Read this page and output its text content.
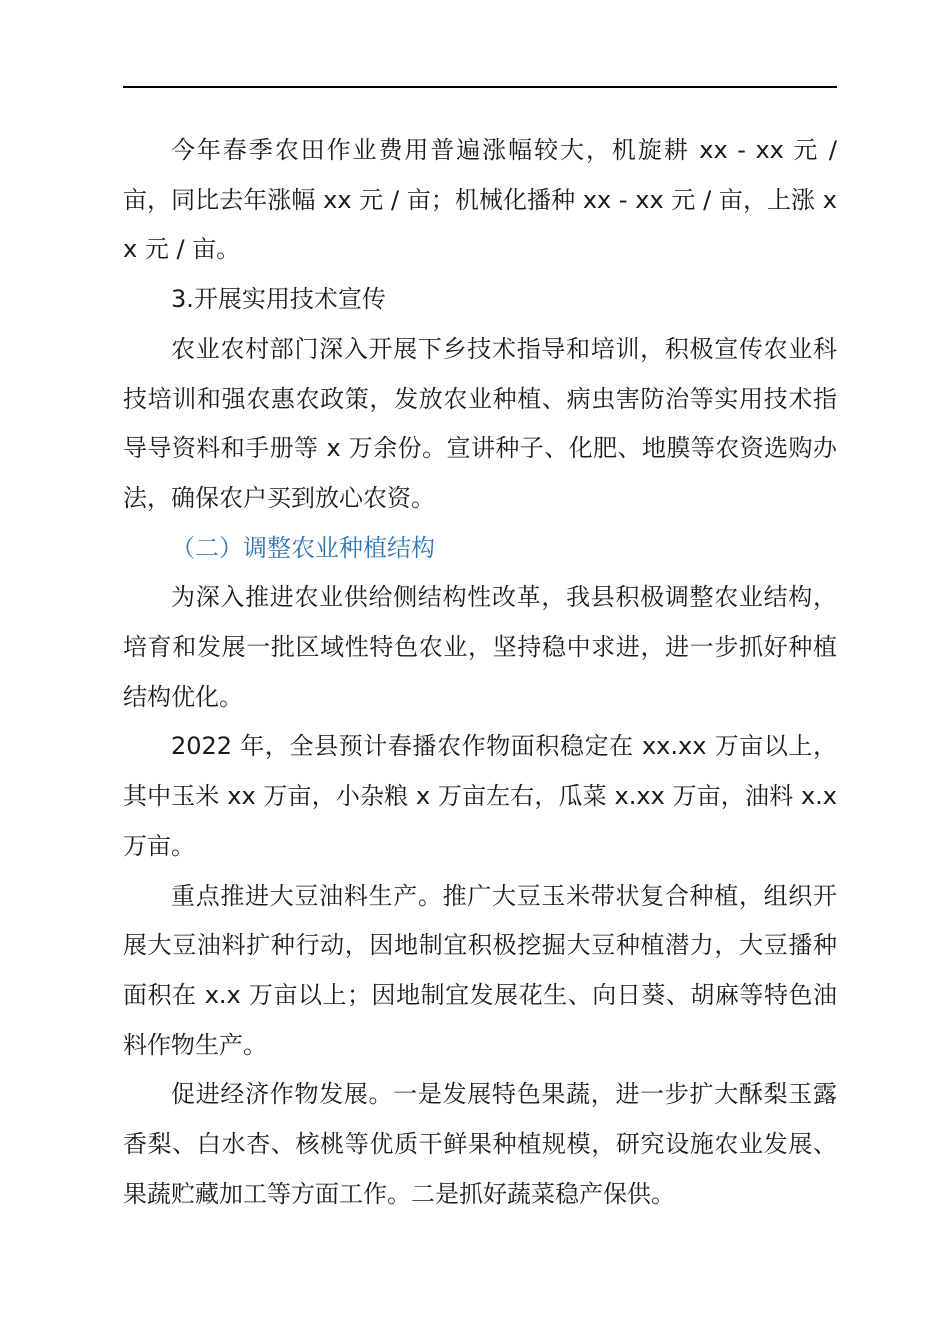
今年春季农田作业费用普遍涨幅较大，机旋耕 xx - xx 元 / 亩，同比去年涨幅 xx 元 / 亩；机械化播种 xx - xx 元 / 亩，上涨 xx 元 / 亩。

3.开展实用技术宣传

农业农村部门深入开展下乡技术指导和培训，积极宣传农业科技培训和强农惠农政策，发放农业种植、病虫害防治等实用技术指导导资料和手册等 x 万余份。宣讲种子、化肥、地膜等农资选购办法，确保农户买到放心农资。

（二）调整农业种植结构

为深入推进农业供给侧结构性改革，我县积极调整农业结构，培育和发展一批区域性特色农业，坚持稳中求进，进一步抓好种植结构优化。

2022 年，全县预计春播农作物面积稳定在 xx.xx 万亩以上，其中玉米 xx 万亩，小杂粮 x 万亩左右，瓜菜 x.xx 万亩，油料 x.x 万亩。

重点推进大豆油料生产。推广大豆玉米带状复合种植，组织开展大豆油料扩种行动，因地制宜积极挖掘大豆种植潜力，大豆播种面积在 x.x 万亩以上；因地制宜发展花生、向日葵、胡麻等特色油料作物生产。

促进经济作物发展。一是发展特色果蔬，进一步扩大酥梨玉露香梨、白水杏、核桃等优质干鲜果种植规模，研究设施农业发展、果蔬贮藏加工等方面工作。二是抓好蔬菜稳产保供。
